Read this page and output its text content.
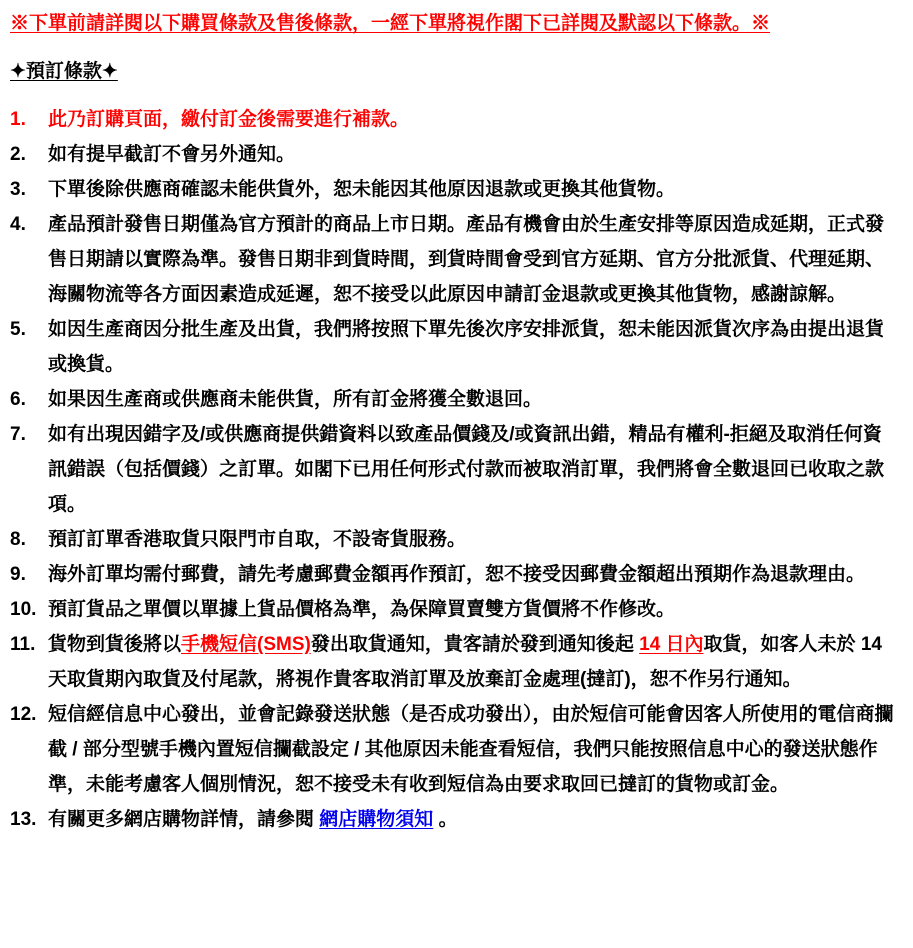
※下單前請詳閱以下購買條款及售後條款，一經下單將視作閣下已詳閱及默認以下條款。※

✦預訂條款✦

1.	此乃訂購頁面，繳付訂金後需要進行補款。
2.	如有提早截訂不會另外通知。
3.	下單後除供應商確認未能供貨外，恕未能因其他原因退款或更換其他貨物。
4.	產品預計發售日期僅為官方預計的商品上市日期。產品有機會由於生產安排等原因造成延期，正式發售日期請以實際為準。發售日期非到貨時間，到貨時間會受到官方延期、官方分批派貨、代理延期、海關物流等各方面因素造成延遲，恕不接受以此原因申請訂金退款或更換其他貨物，感謝諒解。
5.	如因生產商因分批生產及出貨，我們將按照下單先後次序安排派貨，恕未能因派貨次序為由提出退貨或換貨。
6.	如果因生產商或供應商未能供貨，所有訂金將獲全數退回。
7.	如有出現因錯字及/或供應商提供錯資料以致產品價錢及/或資訊出錯，精品有權利-拒絕及取消任何資訊錯誤（包括價錢）之訂單。如閣下已用任何形式付款而被取消訂單，我們將會全數退回已收取之款項。
8.	預訂訂單香港取貨只限門市自取，不設寄貨服務。
9.	海外訂單均需付郵費，請先考慮郵費金額再作預訂，恕不接受因郵費金額超出預期作為退款理由。
10. 預訂貨品之單價以單據上貨品價格為準，為保障買賣雙方貨價將不作修改。
11. 貨物到貨後將以手機短信(SMS)發出取貨通知，貴客請於發到通知後起 14 日內取貨，如客人未於 14 天取貨期內取貨及付尾款，將視作貴客取消訂單及放棄訂金處理(撻訂)，恕不作另行通知。
12. 短信經信息中心發出，並會記錄發送狀態（是否成功發出），由於短信可能會因客人所使用的電信商攔截 / 部分型號手機內置短信攔截設定 / 其他原因未能查看短信，我們只能按照信息中心的發送狀態作準，未能考慮客人個別情況，恕不接受未有收到短信為由要求取回已撻訂的貨物或訂金。
13. 有關更多網店購物詳情，請參閱 網店購物須知 。
